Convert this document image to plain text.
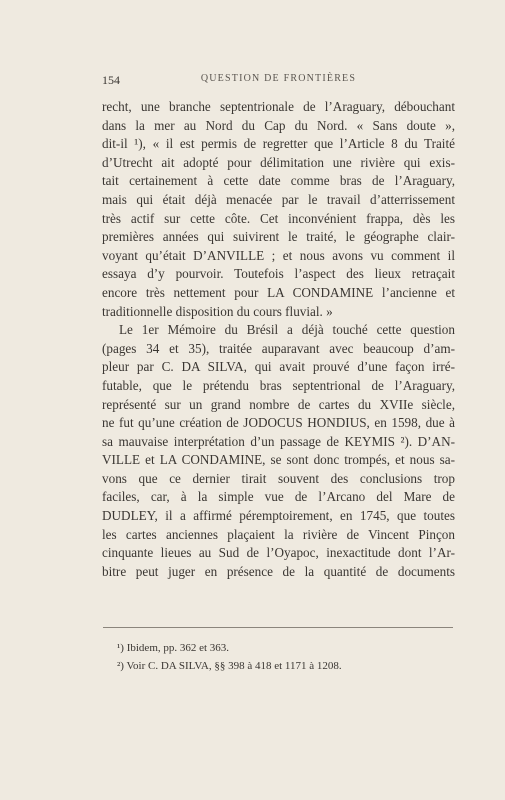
154	QUESTION DE FRONTIÈRES
recht, une branche septentrionale de l’Araguary, débouchant
dans la mer au Nord du Cap du Nord. « Sans doute »,
dit-il ¹), « il est permis de regretter que l’Article 8 du Traité
d’Utrecht ait adopté pour délimitation une rivière qui exis-
tait certainement à cette date comme bras de l’Araguary,
mais qui était déjà menacée par le travail d’atterrissement
très actif sur cette côte. Cet inconvénient frappa, dès les
premières années qui suivirent le traité, le géographe clair-
voyant qu’était D’ANVILLE ; et nous avons vu comment il
essaya d’y pourvoir. Toutefois l’aspect des lieux retraçait
encore très nettement pour LA CONDAMINE l’ancienne et
traditionnelle disposition du cours fluvial. »
Le 1er Mémoire du Brésil a déjà touché cette question
(pages 34 et 35), traitée auparavant avec beaucoup d’am-
pleur par C. DA SILVA, qui avait prouvé d’une façon irré-
futable, que le prétendu bras septentrional de l’Araguary,
représenté sur un grand nombre de cartes du XVIIe siècle,
ne fut qu’une création de JODOCUS HONDIUS, en 1598, due à
sa mauvaise interprétation d’un passage de KEYMIS ²). D’AN-
VILLE et LA CONDAMINE, se sont donc trompés, et nous sa-
vons que ce dernier tirait souvent des conclusions trop
faciles, car, à la simple vue de l’Arcano del Mare de
DUDLEY, il a affirmé péremptoirement, en 1745, que toutes
les cartes anciennes plaçaient la rivière de Vincent Pinçon
cinquante lieues au Sud de l’Oyapoc, inexactitude dont l’Ar-
bitre peut juger en présence de la quantité de documents
¹) Ibidem, pp. 362 et 363.
²) Voir C. DA SILVA, §§ 398 à 418 et 1171 à 1208.
